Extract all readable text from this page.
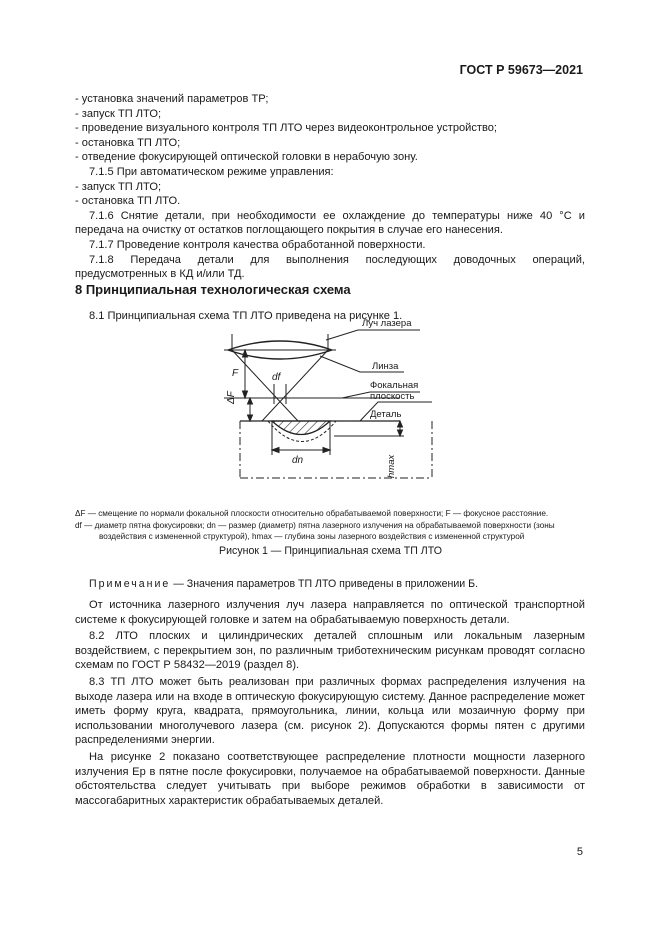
ГОСТ Р 59673—2021

- установка значений параметров ТР;

- запуск ТП ЛТО;

- проведение визуального контроля ТП ЛТО через видеоконтрольное устройство;

- остановка ТП ЛТО;

- отведение фокусирующей оптической головки в нерабочую зону.

7.1.5 При автоматическом режиме управления:

- запуск ТП ЛТО;

- остановка ТП ЛТО.

7.1.6 Снятие детали, при необходимости ее охлаждение до температуры ниже 40 °С и передача на очистку от остатков поглощающего покрытия в случае его нанесения.

7.1.7 Проведение контроля качества обработанной поверхности.

7.1.8 Передача детали для выполнения последующих доводочных операций, предусмотренных в КД и/или ТД.

8 Принципиальная технологическая схема
8.1 Принципиальная схема ТП ЛТО приведена на рисунке 1.
Луч лазера
Линза
Фокальная
плоскость
Деталь
F
ΔF
df
dn	hmax
ΔF — смещение по нормали фокальной плоскости относительно обрабатываемой поверхности; F — фокусное расстояние.
df — диаметр пятна фокусировки; dn — размер (диаметр) пятна лазерного излучения на обрабатываемой поверхности (зоны
воздействия с измененной структурой), hmax — глубина зоны лазерного воздействия с измененной структурой
Рисунок 1 — Принципиальная схема ТП ЛТО
Примечание — Значения параметров ТП ЛТО приведены в приложении Б.

От источника лазерного излучения луч лазера направляется по оптической транспортной системе к фокусирующей головке и затем на обрабатываемую поверхность детали.

8.2 ЛТО плоских и цилиндрических деталей сплошным или локальным лазерным воздействием, с перекрытием зон, по различным триботехническим рисункам проводят согласно схемам по ГОСТ Р 58432—2019 (раздел 8).

8.3 ТП ЛТО может быть реализован при различных формах распределения излучения на выходе лазера или на входе в оптическую фокусирующую систему. Данное распределение может иметь форму круга, квадрата, прямоугольника, линии, кольца или мозаичную форму при использовании многолучевого лазера (см. рисунок 2). Допускаются формы пятен с другими распределениями энергии.

На рисунке 2 показано соответствующее распределение плотности мощности лазерного излучения Ep в пятне после фокусировки, получаемое на обрабатываемой поверхности. Данные обстоятельства следует учитывать при выборе режимов обработки в зависимости от массогабаритных характеристик обрабатываемых деталей.

5
